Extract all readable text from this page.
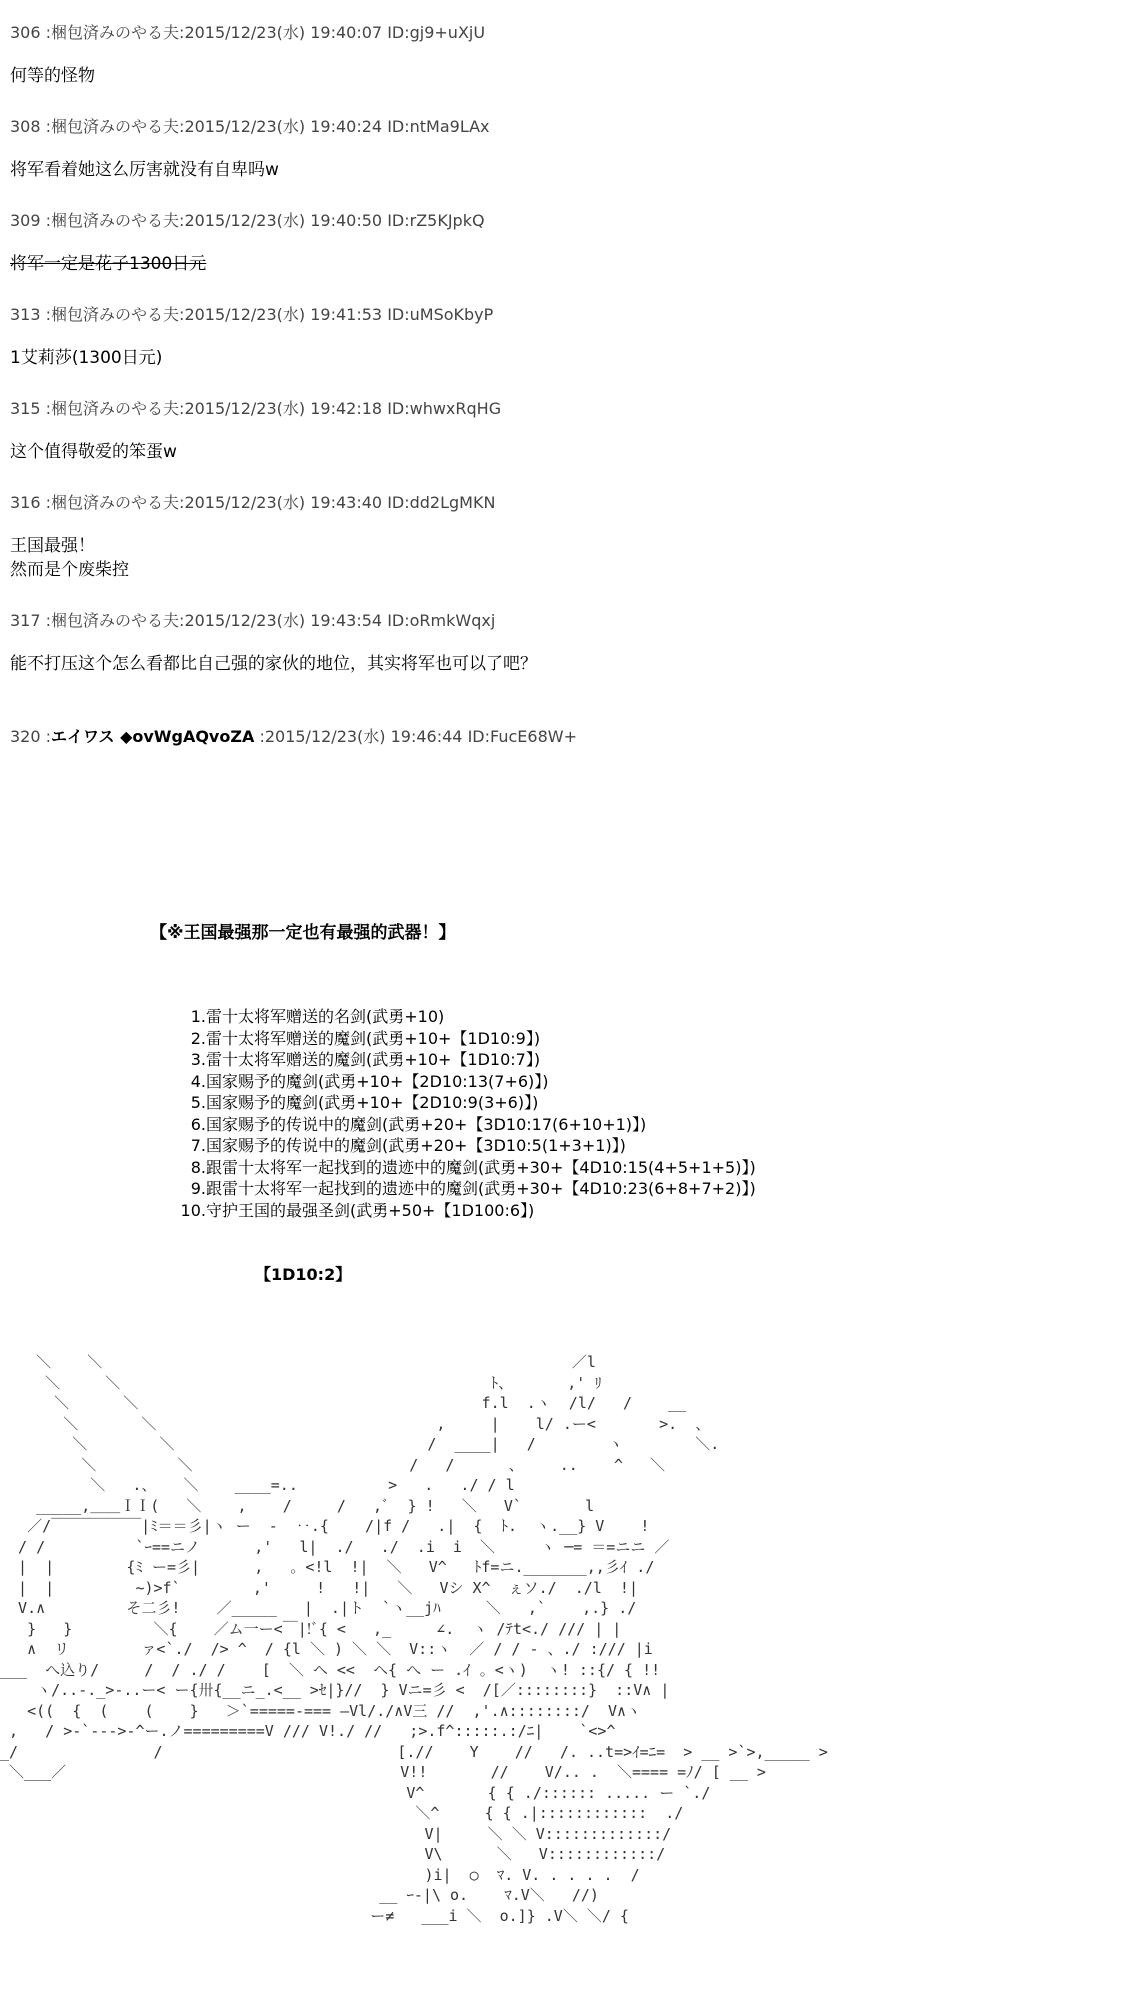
306 :梱包済みのやる夫:2015/12/23(水) 19:40:07 ID:gj9+uXjU
何等的怪物
308 :梱包済みのやる夫:2015/12/23(水) 19:40:24 ID:ntMa9LAx
将军看着她这么厉害就没有自卑吗w
309 :梱包済みのやる夫:2015/12/23(水) 19:40:50 ID:rZ5KJpkQ
将军一定是花子1300日元
313 :梱包済みのやる夫:2015/12/23(水) 19:41:53 ID:uMSoKbyP
1艾莉莎(1300日元)
315 :梱包済みのやる夫:2015/12/23(水) 19:42:18 ID:whwxRqHG
这个值得敬爱的笨蛋w
316 :梱包済みのやる夫:2015/12/23(水) 19:43:40 ID:dd2LgMKN
王国最强！
然而是个废柴控
317 :梱包済みのやる夫:2015/12/23(水) 19:43:54 ID:oRmkWqxj
能不打压这个怎么看都比自己强的家伙的地位，其实将军也可以了吧？
320 :エイワス ◆ovWgAQvoZA :2015/12/23(水) 19:46:44 ID:FucE68W+
【※王国最强那一定也有最强的武器！】
1.雷十太将军赠送的名剑(武勇+10)
2.雷十太将军赠送的魔剑(武勇+10+【1D10:9】)
3.雷十太将军赠送的魔剑(武勇+10+【1D10:7】)
4.国家赐予的魔剑(武勇+10+【2D10:13(7+6)】)
5.国家赐予的魔剑(武勇+10+【2D10:9(3+6)】)
6.国家赐予的传说中的魔剑(武勇+20+【3D10:17(6+10+1)】)
7.国家赐予的传说中的魔剑(武勇+20+【3D10:5(1+3+1)】)
8.跟雷十太将军一起找到的遗迹中的魔剑(武勇+30+【4D10:15(4+5+1+5)】)
9.跟雷十太将军一起找到的遗迹中的魔剑(武勇+30+【4D10:23(6+8+7+2)】)
10.守护王国的最强圣剑(武勇+50+【1D100:6】)
【1D10:2】
＼    ＼                                                    ／l
＼     ＼                                         ﾄ、      ,' ﾘ
＼      ＼                                      f.l  .ヽ  /l/   /    __
＼       ＼                               ,     |    l/ .ー<       >.  、
＼        ＼                            /  ____|   /        ヽ        ＼.
＼         ＼                        /   /      、    ..    ^   ＼
＼   .、   ＼    ____=..          >   .   ./ / l
_____,＿＿ＩＩ(   ＼    ,    /     /   ,ﾞ  } !   ＼   V`       l
／/￣￣￣￣￣￣|ﾐ＝＝彡|ヽ ー  -  ‥.{    /|f /   .|  {  ﾄ.  ヽ.__} V    !
/ /          `ｰ==ニノ      ,'   l|  ./   ./  .i  i  ＼     ヽ ─= ＝=ニニ ／
|  |        {ﾐ ー=彡|      ,   。<!l  !|  ＼   V^   ﾄf=ニ._______,,彡ｲ ./
|  |         ~)>f`        ,'     !   !|   ＼   Vシ X^  ぇソ./  ./l  !|
V.∧         そ二彡!    ／_____   |  .|ト  `ヽ__jﾊ     ＼   ,`    ,.} ./
}   }         ＼{    ／ム一ー<￣|!ﾞ{ <   ,_     ∠.  ヽ /ﾃt<./ /// | |
∧  リ        ァ<`./  /> ^  / {l ＼ ) ＼ ＼  V::ヽ  ／ / / - 、./ :/// |i
___  へ込り/     /  / ./ /    [  ＼ ヘ <<  ヘ{ へ ー .ｲ 。<ヽ)  ヽ! ::{/ { !!
ヽ/..-._>-..ー< ー{卅{__ニ_.<__ >ｾ|}//  } Vニ=彡 <  /[／::::::::}  ::V∧ |
<((  {  (    (    }   ＞`=====-=== ―Vl/./∧V三 //  ,'.∧::::::::/  V∧ヽ
,   / >-`--->-^ー.ノ=========V /// V!./ //   ;>.f^:::::.:/ﾆ|    `<>^
_/               /                          [.//    Y    //   /. ..t=>ｲ=ﾆ=  > __ >`>,_____ >
＼___／                                     V!!       //    V/.. .  ＼==== =ﾉ/ [ __ >
V^       { { ./:::::: ..... ー `./
＼^     { { .|::::::::::::  ./
V|     ＼ ＼ V:::::::::::::/
V\      ＼   V::::::::::::/
)i|  ○  ﾏ. V. . . . .  /
__ ｰ-|\ o.    ﾏ.V＼   //)
ー≠   ___i ＼  o.]} .V＼ ＼/ {
